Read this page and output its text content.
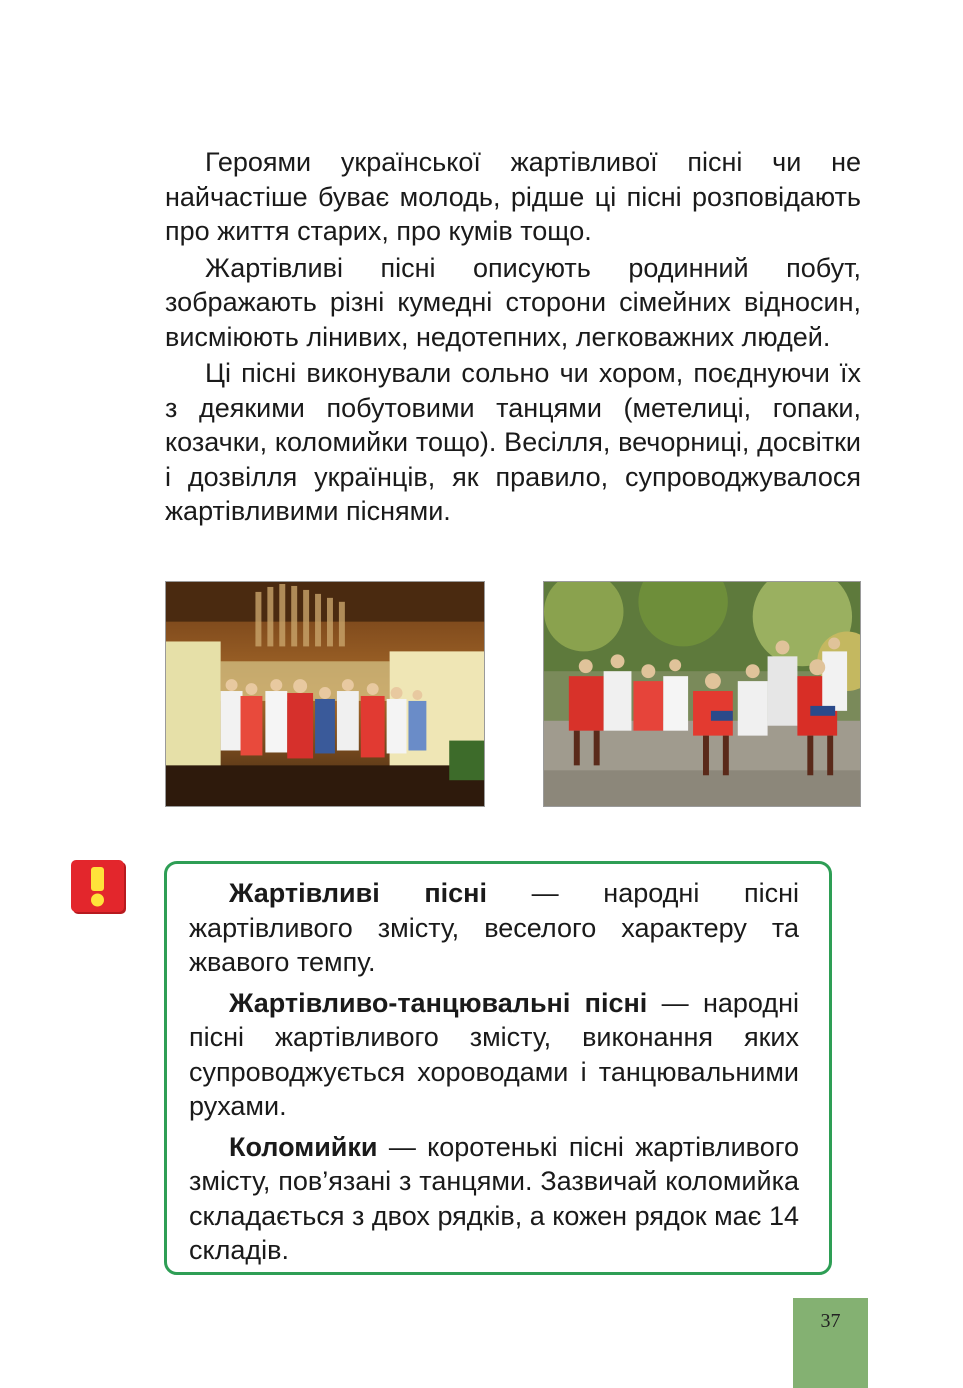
Героями української жартівливої пісні чи не найчастіше буває молодь, рідше ці пісні розповідають про життя старих, про кумів тощо.

Жартівливі пісні описують родинний побут, зображають різні кумедні сторони сімейних відносин, висміюють лінивих, недотепних, легковажних людей.

Ці пісні виконували сольно чи хором, поєднуючи їх з деякими побутовими танцями (метелиці, гопаки, козачки, коломийки тощо). Весілля, вечорниці, досвітки і дозвілля українців, як правило, супроводжувалося жартівливими піснями.

Жартівливі пісні — народні пісні жартівливого змісту, веселого характеру та жвавого темпу.

Жартівливо-танцювальні пісні — народні пісні жартівливого змісту, виконання яких супроводжується хороводами і танцювальними рухами.

Коломийки — коротенькі пісні жартівливого змісту, пов’язані з танцями. Зазвичай коломийка складається з двох рядків, а кожен рядок має 14 складів.

37
